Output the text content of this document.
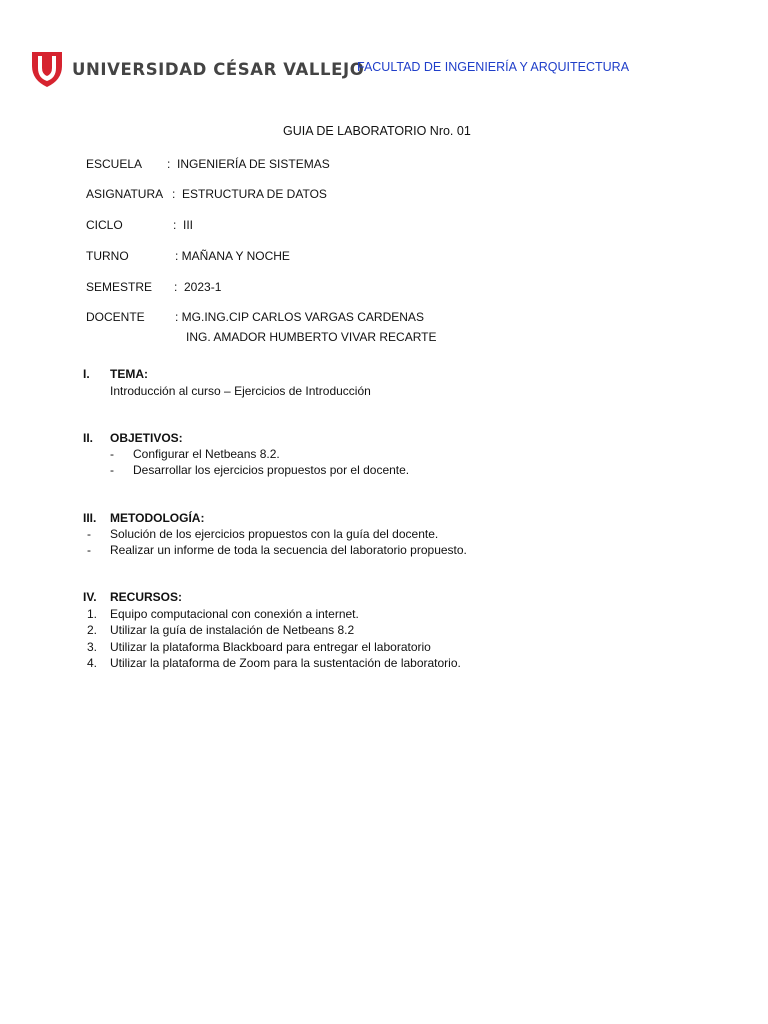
UNIVERSIDAD CÉSAR VALLEJO
FACULTAD DE INGENIERÍA Y ARQUITECTURA
GUIA DE LABORATORIO Nro. 01
ESCUELA :  INGENIERÍA DE SISTEMAS
ASIGNATURA :  ESTRUCTURA DE DATOS
CICLO	:  III
TURNO	: MAÑANA Y NOCHE
SEMESTRE :  2023-1
DOCENTE	: MG.ING.CIP CARLOS VARGAS CARDENAS
ING. AMADOR HUMBERTO VIVAR RECARTE
I. TEMA:
Introducción al curso – Ejercicios de Introducción
II. OBJETIVOS:
- Configurar el Netbeans 8.2.
- Desarrollar los ejercicios propuestos por el docente.
III. METODOLOGÍA:
- Solución de los ejercicios propuestos con la guía del docente.
- Realizar un informe de toda la secuencia del laboratorio propuesto.
IV. RECURSOS:
1. Equipo computacional con conexión a internet.
2. Utilizar la guía de instalación de Netbeans 8.2
3. Utilizar la plataforma Blackboard para entregar el laboratorio
4. Utilizar la plataforma de Zoom para la sustentación de laboratorio.
